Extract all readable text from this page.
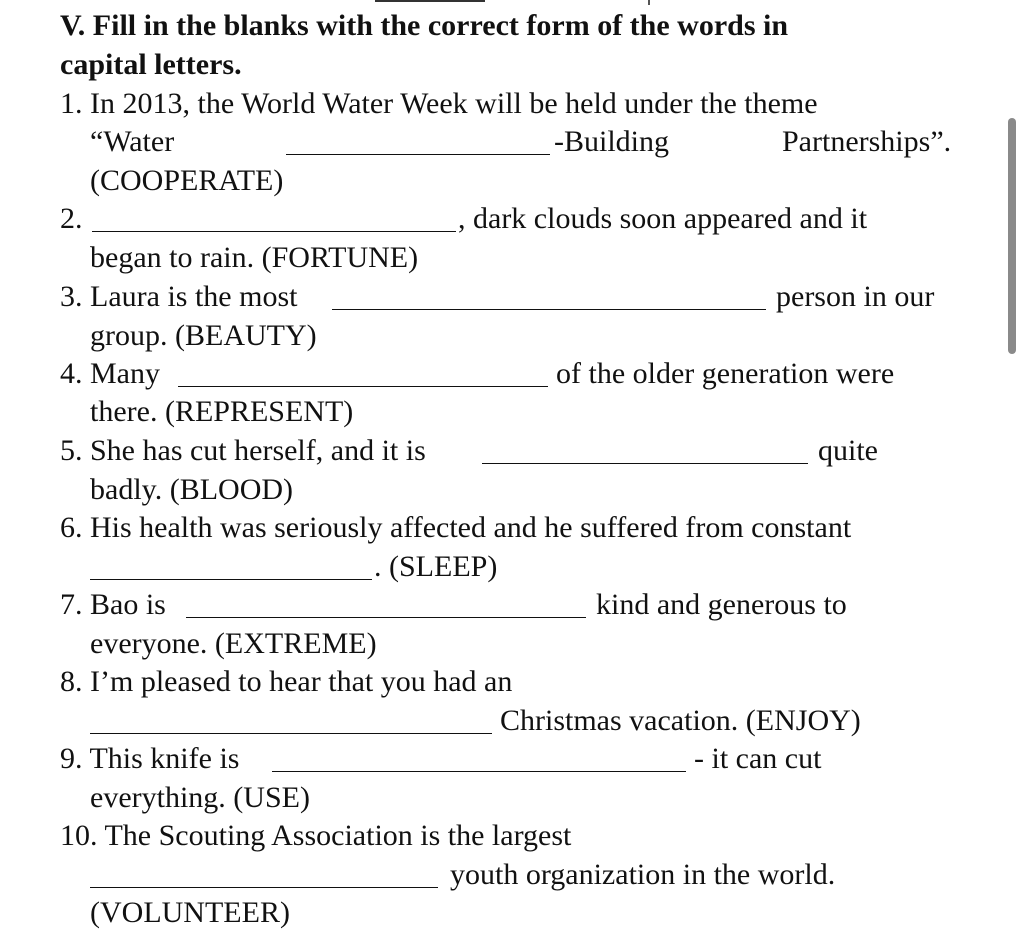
V. Fill in the blanks with the correct form of the words in
capital letters.
1. In 2013, the World Water Week will be held under the theme
“Water	-Building	Partnerships”.
(COOPERATE)
2.	, dark clouds soon appeared and it
began to rain. (FORTUNE)
3. Laura is the most	person in our
group. (BEAUTY)
4. Many	of the older generation were
there. (REPRESENT)
5. She has cut herself, and it is	quite
badly. (BLOOD)
6. His health was seriously affected and he suffered from constant
. (SLEEP)
7. Bao is	kind and generous to
everyone. (EXTREME)
8. I’m pleased to hear that you had an
Christmas vacation. (ENJOY)
9. This knife is	- it can cut
everything. (USE)
10. The Scouting Association is the largest
youth organization in the world.
(VOLUNTEER)
